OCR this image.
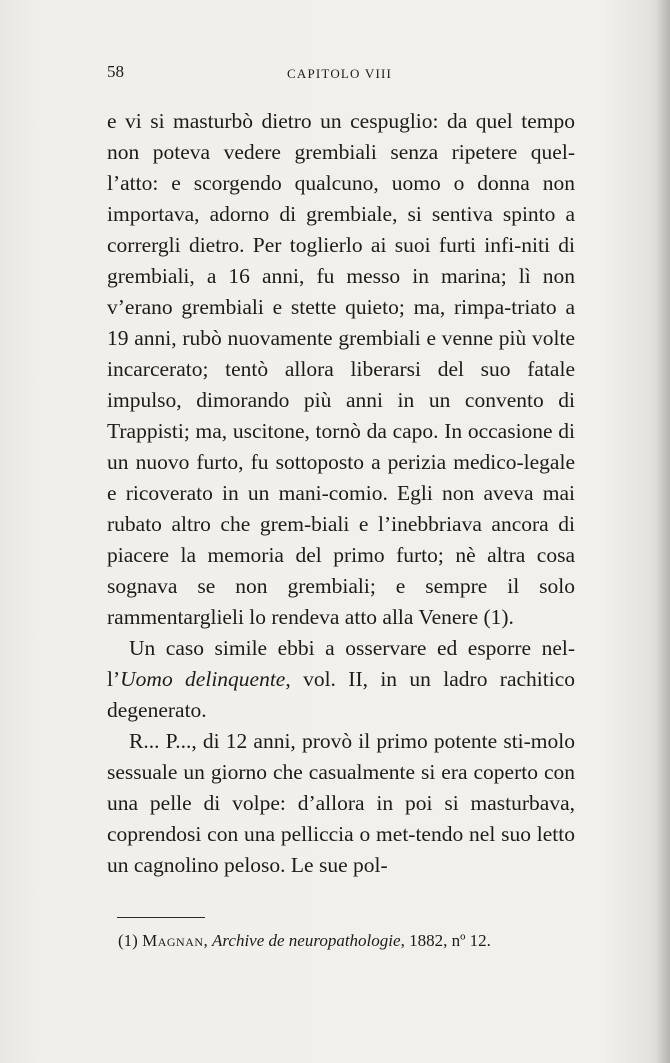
58	CAPITOLO VIII

e vi si masturbò dietro un cespuglio: da quel tempo non poteva vedere grembiali senza ripetere quel-l’atto: e scorgendo qualcuno, uomo o donna non importava, adorno di grembiale, si sentiva spinto a corrergli dietro. Per toglierlo ai suoi furti infi-niti di grembiali, a 16 anni, fu messo in marina; lì non v’erano grembiali e stette quieto; ma, rimpa-triato a 19 anni, rubò nuovamente grembiali e venne più volte incarcerato; tentò allora liberarsi del suo fatale impulso, dimorando più anni in un convento di Trappisti; ma, uscitone, tornò da capo. In occasione di un nuovo furto, fu sottoposto a perizia medico-legale e ricoverato in un mani-comio. Egli non aveva mai rubato altro che grem-biali e l’inebbriava ancora di piacere la memoria del primo furto; nè altra cosa sognava se non grembiali; e sempre il solo rammentarglieli lo rendeva atto alla Venere (1).

Un caso simile ebbi a osservare ed esporre nel-l’Uomo delinquente, vol. II, in un ladro rachitico degenerato.

R... P..., di 12 anni, provò il primo potente sti-molo sessuale un giorno che casualmente si era coperto con una pelle di volpe: d’allora in poi si masturbava, coprendosi con una pelliccia o met-tendo nel suo letto un cagnolino peloso. Le sue pol-

(1) Magnan, Archive de neuropathologie, 1882, nº 12.
